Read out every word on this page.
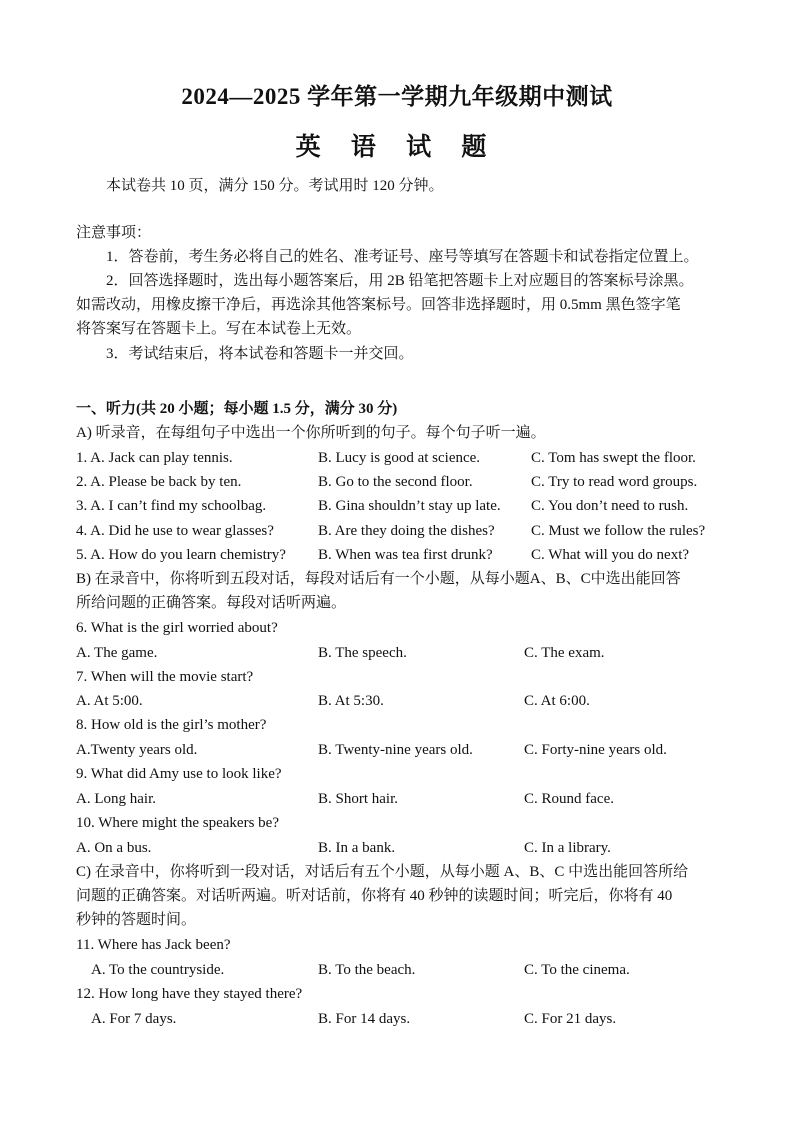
2024—2025 学年第一学期九年级期中测试
英 语 试 题
本试卷共 10 页，满分 150 分。考试用时 120 分钟。
注意事项：
1．答卷前，考生务必将自己的姓名、准考证号、座号等填写在答题卡和试卷指定位置上。
2．回答选择题时，选出每小题答案后，用 2B 铅笔把答题卡上对应题目的答案标号涂黑。
如需改动，用橡皮擦干净后，再选涂其他答案标号。回答非选择题时，用 0.5mm 黑色签字笔
将答案写在答题卡上。写在本试卷上无效。
3．考试结束后，将本试卷和答题卡一并交回。
一、听力(共 20 小题；每小题 1.5 分，满分 30 分)
A) 听录音，在每组句子中选出一个你所听到的句子。每个句子听一遍。
1. A. Jack can play tennis.	B. Lucy is good at science.	C. Tom has swept the floor.
2. A. Please be back by ten.	B. Go to the second floor.	C. Try to read word groups.
3. A. I can’t find my schoolbag.	B. Gina shouldn’t stay up late. C. You don’t need to rush.
4. A. Did he use to wear glasses?	B. Are they doing the dishes? C. Must we follow the rules?
5. A. How do you learn chemistry? B. When was tea first drunk?	C. What will you do next?
B) 在录音中，你将听到五段对话，每段对话后有一个小题，从每小题A、B、C中选出能回答
所给问题的正确答案。每段对话听两遍。
6. What is the girl worried about?
A. The game.	B. The speech.	C. The exam.
7. When will the movie start?
A. At 5:00.	B. At 5:30.	C. At 6:00.
8. How old is the girl’s mother?
A.Twenty years old.	B. Twenty-nine years old.	C. Forty-nine years old.
9. What did Amy use to look like?
A. Long hair.	B. Short hair.	C. Round face.
10. Where might the speakers be?
A. On a bus.	B. In a bank.	C. In a library.
C) 在录音中，你将听到一段对话，对话后有五个小题，从每小题 A、B、C 中选出能回答所给
问题的正确答案。对话听两遍。听对话前，你将有 40 秒钟的读题时间；听完后，你将有 40
秒钟的答题时间。
11. Where has Jack been?
A. To the countryside.	B. To the beach.	C. To the cinema.
12. How long have they stayed there?
A. For 7 days.	B. For 14 days.	C. For 21 days.
